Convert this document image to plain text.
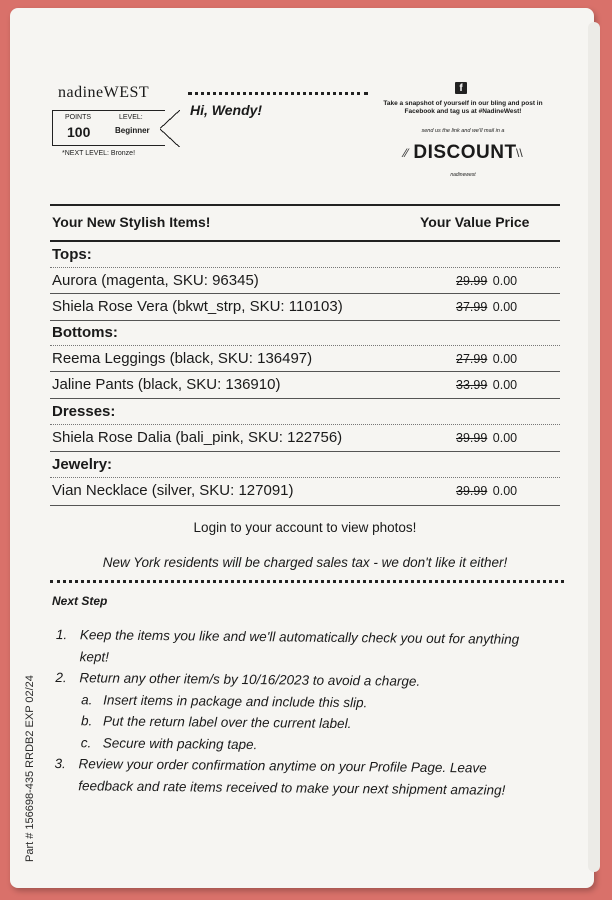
nadineWEST
POINTS
100
LEVEL:
Beginner
*NEXT LEVEL: Bronze!
Hi, Wendy!
f
Take a snapshot of yourself in our bling and post in Facebook and tag us at #NadineWest!
send us the link and we'll mail in a
⁄⁄ DISCOUNT \\
nadinewest
Your New Stylish Items!	Your Value Price
Tops:
Aurora (magenta, SKU: 96345)	29.99 0.00
Shiela Rose Vera (bkwt_strp, SKU: 110103)	37.99 0.00
Bottoms:
Reema Leggings (black, SKU: 136497)	27.99 0.00
Jaline Pants (black, SKU: 136910)	33.99 0.00
Dresses:
Shiela Rose Dalia (bali_pink, SKU: 122756)	39.99 0.00
Jewelry:
Vian Necklace (silver, SKU: 127091)	39.99 0.00
Login to your account to view photos!
New York residents will be charged sales tax - we don't like it either!
Next Step
1. Keep the items you like and we'll automatically check you out for anything kept!
2. Return any other item/s by 10/16/2023 to avoid a charge.
a. Insert items in package and include this slip.
b. Put the return label over the current label.
c. Secure with packing tape.
3. Review your order confirmation anytime on your Profile Page. Leave feedback and rate items received to make your next shipment amazing!
Part # 156698-435 RRDB2 EXP 02/24
